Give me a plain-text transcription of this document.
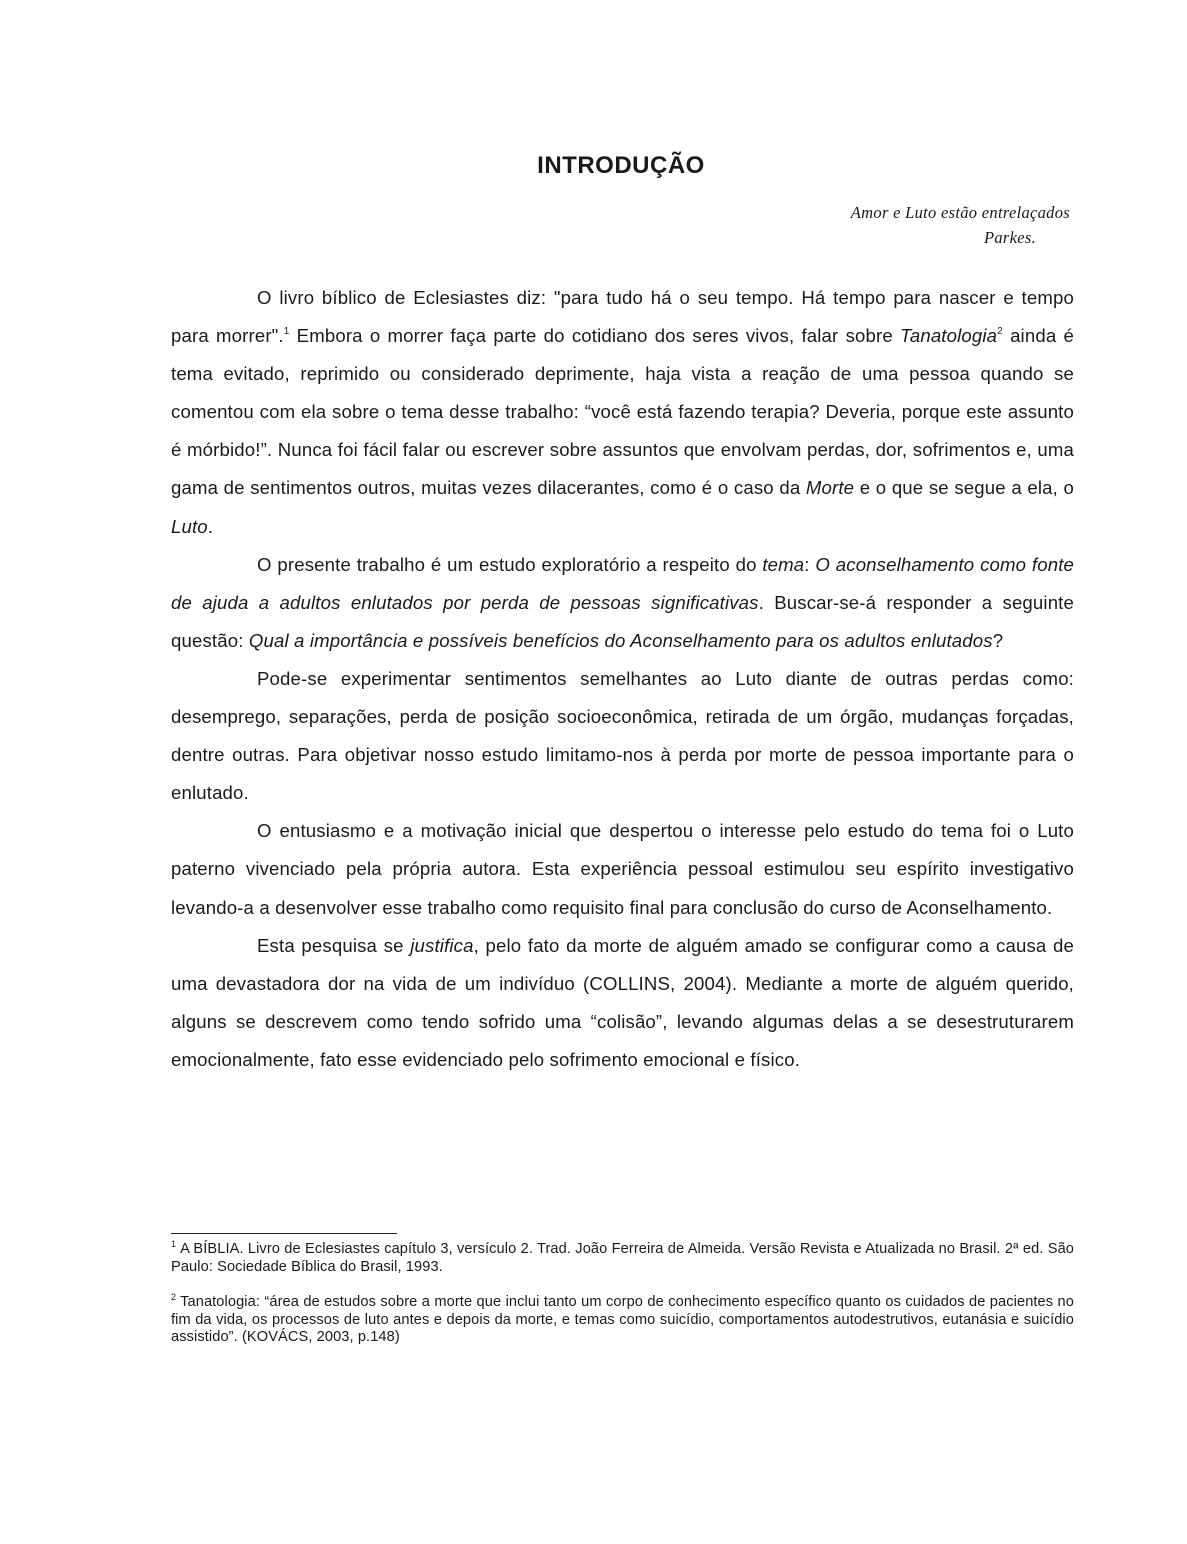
INTRODUÇÃO
Amor e Luto estão entrelaçados

Parkes.

O livro bíblico de Eclesiastes diz: "para tudo há o seu tempo. Há tempo para nascer e tempo para morrer".$^1$ Embora o morrer faça parte do cotidiano dos seres vivos, falar sobre Tanatologia$^2$ ainda é tema evitado, reprimido ou considerado deprimente, haja vista a reação de uma pessoa quando se comentou com ela sobre o tema desse trabalho: “você está fazendo terapia? Deveria, porque este assunto é mórbido!”. Nunca foi fácil falar ou escrever sobre assuntos que envolvam perdas, dor, sofrimentos e, uma gama de sentimentos outros, muitas vezes dilacerantes, como é o caso da Morte e o que se segue a ela, o Luto.

O presente trabalho é um estudo exploratório a respeito do tema: O aconselhamento como fonte de ajuda a adultos enlutados por perda de pessoas significativas. Buscar-se-á responder a seguinte questão: Qual a importância e possíveis benefícios do Aconselhamento para os adultos enlutados?

Pode-se experimentar sentimentos semelhantes ao Luto diante de outras perdas como: desemprego, separações, perda de posição socioeconômica, retirada de um órgão, mudanças forçadas, dentre outras. Para objetivar nosso estudo limitamo-nos à perda por morte de pessoa importante para o enlutado.

O entusiasmo e a motivação inicial que despertou o interesse pelo estudo do tema foi o Luto paterno vivenciado pela própria autora. Esta experiência pessoal estimulou seu espírito investigativo levando-a a desenvolver esse trabalho como requisito final para conclusão do curso de Aconselhamento.

Esta pesquisa se justifica, pelo fato da morte de alguém amado se configurar como a causa de uma devastadora dor na vida de um indivíduo (COLLINS, 2004). Mediante a morte de alguém querido, alguns se descrevem como tendo sofrido uma “colisão”, levando algumas delas a se desestruturarem emocionalmente, fato esse evidenciado pelo sofrimento emocional e físico.

$^1$ A BÍBLIA. Livro de Eclesiastes capítulo 3, versículo 2. Trad. João Ferreira de Almeida. Versão Revista e Atualizada no Brasil. 2ª ed. São Paulo: Sociedade Bíblica do Brasil, 1993.

$^2$ Tanatologia: “área de estudos sobre a morte que inclui tanto um corpo de conhecimento específico quanto os cuidados de pacientes no fim da vida, os processos de luto antes e depois da morte, e temas como suicídio, comportamentos autodestrutivos, eutanásia e suicídio assistido”. (KOVÁCS, 2003, p.148)
